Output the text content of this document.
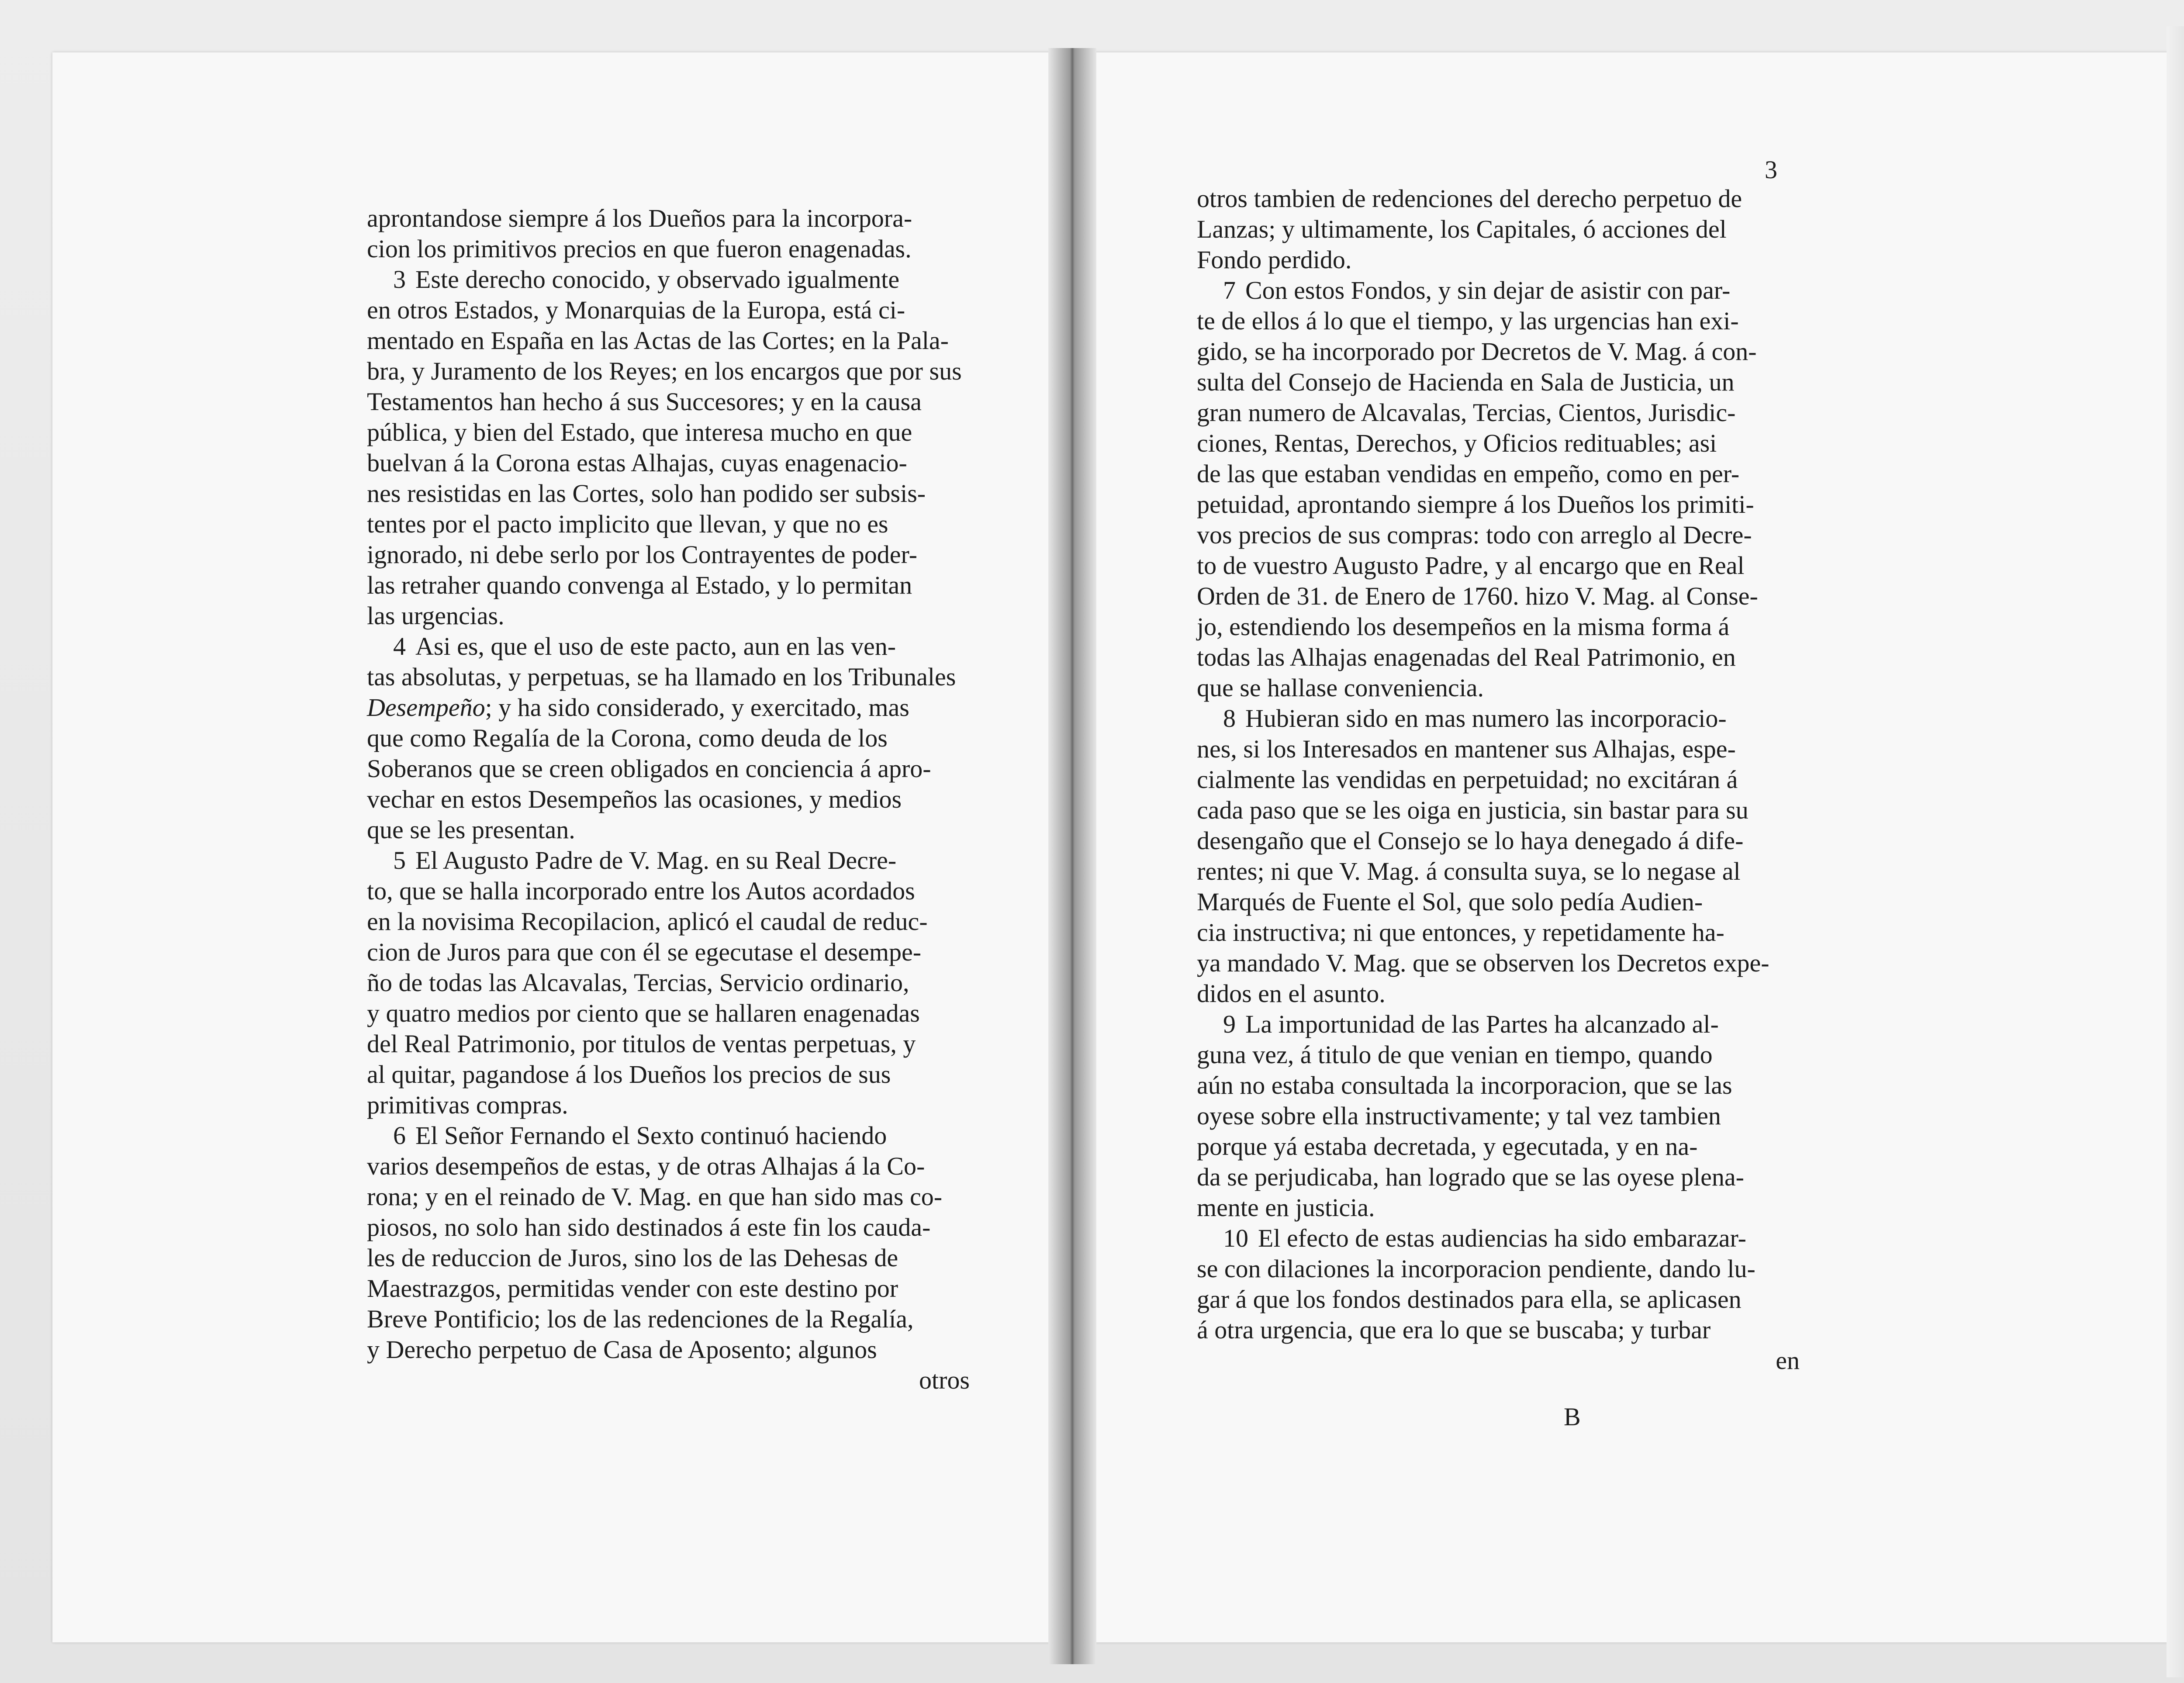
aprontandose siempre á los Dueños para la incorpora-

cion los primitivos precios en que fueron enagenadas.

3 Este derecho conocido, y observado igualmente

en otros Estados, y Monarquias de la Europa, está ci-

mentado en España en las Actas de las Cortes; en la Pala-

bra, y Juramento de los Reyes; en los encargos que por sus

Testamentos han hecho á sus Succesores; y en la causa

pública, y bien del Estado, que interesa mucho en que

buelvan á la Corona estas Alhajas, cuyas enagenacio-

nes resistidas en las Cortes, solo han podido ser subsis-

tentes por el pacto implicito que llevan, y que no es

ignorado, ni debe serlo por los Contrayentes de poder-

las retraher quando convenga al Estado, y lo permitan

las urgencias.

4 Asi es, que el uso de este pacto, aun en las ven-

tas absolutas, y perpetuas, se ha llamado en los Tribunales

Desempeño; y ha sido considerado, y exercitado, mas

que como Regalía de la Corona, como deuda de los

Soberanos que se creen obligados en conciencia á apro-

vechar en estos Desempeños las ocasiones, y medios

que se les presentan.

5 El Augusto Padre de V. Mag. en su Real Decre-

to, que se halla incorporado entre los Autos acordados

en la novisima Recopilacion, aplicó el caudal de reduc-

cion de Juros para que con él se egecutase el desempe-

ño de todas las Alcavalas, Tercias, Servicio ordinario,

y quatro medios por ciento que se hallaren enagenadas

del Real Patrimonio, por titulos de ventas perpetuas, y

al quitar, pagandose á los Dueños los precios de sus

primitivas compras.

6 El Señor Fernando el Sexto continuó haciendo

varios desempeños de estas, y de otras Alhajas á la Co-

rona; y en el reinado de V. Mag. en que han sido mas co-

piosos, no solo han sido destinados á este fin los cauda-

les de reduccion de Juros, sino los de las Dehesas de

Maestrazgos, permitidas vender con este destino por

Breve Pontificio; los de las redenciones de la Regalía,

y Derecho perpetuo de Casa de Aposento; algunos

otros

otros tambien de redenciones del derecho perpetuo de

Lanzas; y ultimamente, los Capitales, ó acciones del

Fondo perdido.

7 Con estos Fondos, y sin dejar de asistir con par-

te de ellos á lo que el tiempo, y las urgencias han exi-

gido, se ha incorporado por Decretos de V. Mag. á con-

sulta del Consejo de Hacienda en Sala de Justicia, un

gran numero de Alcavalas, Tercias, Cientos, Jurisdic-

ciones, Rentas, Derechos, y Oficios redituables; asi

de las que estaban vendidas en empeño, como en per-

petuidad, aprontando siempre á los Dueños los primiti-

vos precios de sus compras: todo con arreglo al Decre-

to de vuestro Augusto Padre, y al encargo que en Real

Orden de 31. de Enero de 1760. hizo V. Mag. al Conse-

jo, estendiendo los desempeños en la misma forma á

todas las Alhajas enagenadas del Real Patrimonio, en

que se hallase conveniencia.

8 Hubieran sido en mas numero las incorporacio-

nes, si los Interesados en mantener sus Alhajas, espe-

cialmente las vendidas en perpetuidad; no excitáran á

cada paso que se les oiga en justicia, sin bastar para su

desengaño que el Consejo se lo haya denegado á dife-

rentes; ni que V. Mag. á consulta suya, se lo negase al

Marqués de Fuente el Sol, que solo pedía Audien-

cia instructiva; ni que entonces, y repetidamente ha-

ya mandado V. Mag. que se observen los Decretos expe-

didos en el asunto.

9 La importunidad de las Partes ha alcanzado al-

guna vez, á titulo de que venian en tiempo, quando

aún no estaba consultada la incorporacion, que se las

oyese sobre ella instructivamente; y tal vez tambien

porque yá estaba decretada, y egecutada, y en na-

da se perjudicaba, han logrado que se las oyese plena-

mente en justicia.

10 El efecto de estas audiencias ha sido embarazar-

se con dilaciones la incorporacion pendiente, dando lu-

gar á que los fondos destinados para ella, se aplicasen

á otra urgencia, que era lo que se buscaba; y turbar

en

3
B
